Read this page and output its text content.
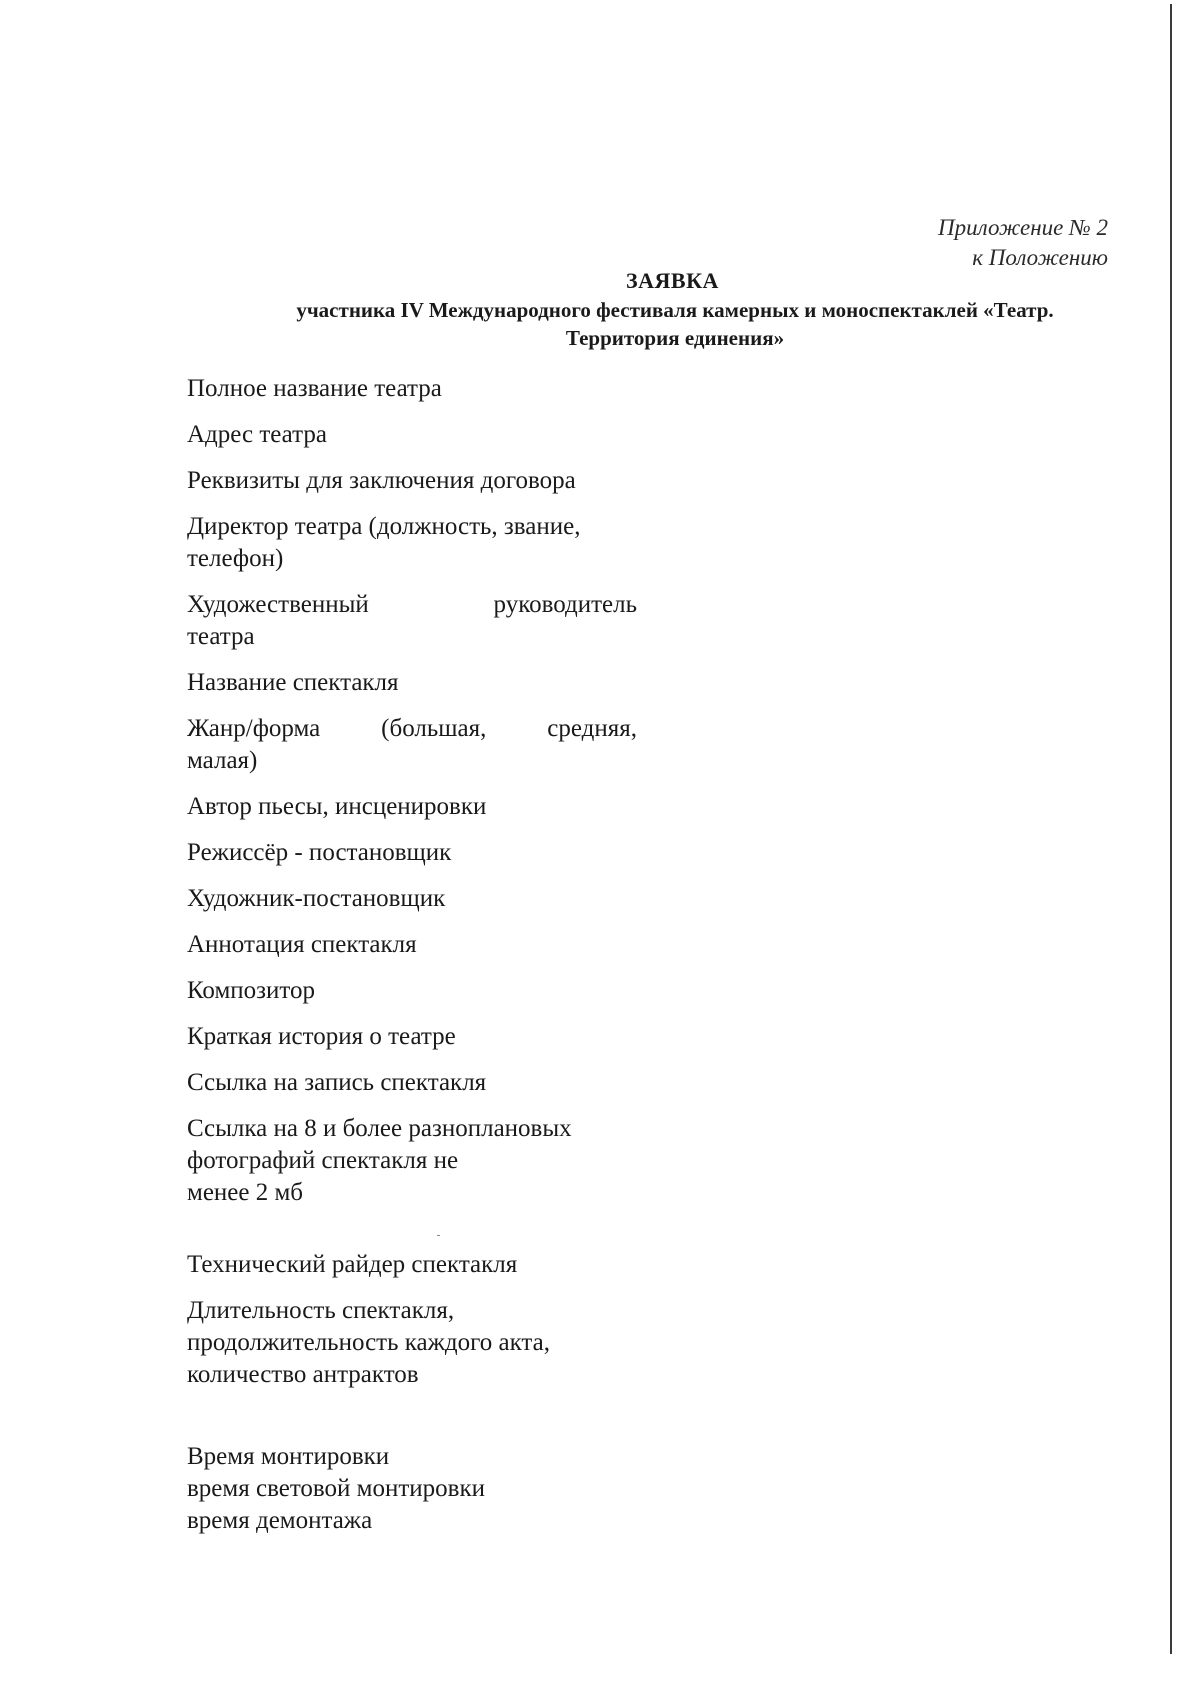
Приложение № 2
к Положению
ЗАЯВКА
участника IV Международного фестиваля камерных и моноспектаклей «Театр.
Территория единения»
Полное название театра
Адрес театра
Реквизиты для заключения договора
Директор театра (должность, звание,
телефон)
Художественный	руководитель
театра
Название спектакля
Жанр/форма (большая, средняя,
малая)
Автор пьесы, инсценировки
Режиссёр - постановщик
Художник-постановщик
Аннотация спектакля
Композитор
Краткая история о театре
Ссылка на запись спектакля
Ссылка на 8 и более разноплановых
фотографий спектакля не
менее 2 мб
Технический райдер спектакля
Длительность спектакля,
продолжительность каждого акта,
количество антрактов
Время монтировки
время световой монтировки
время демонтажа
